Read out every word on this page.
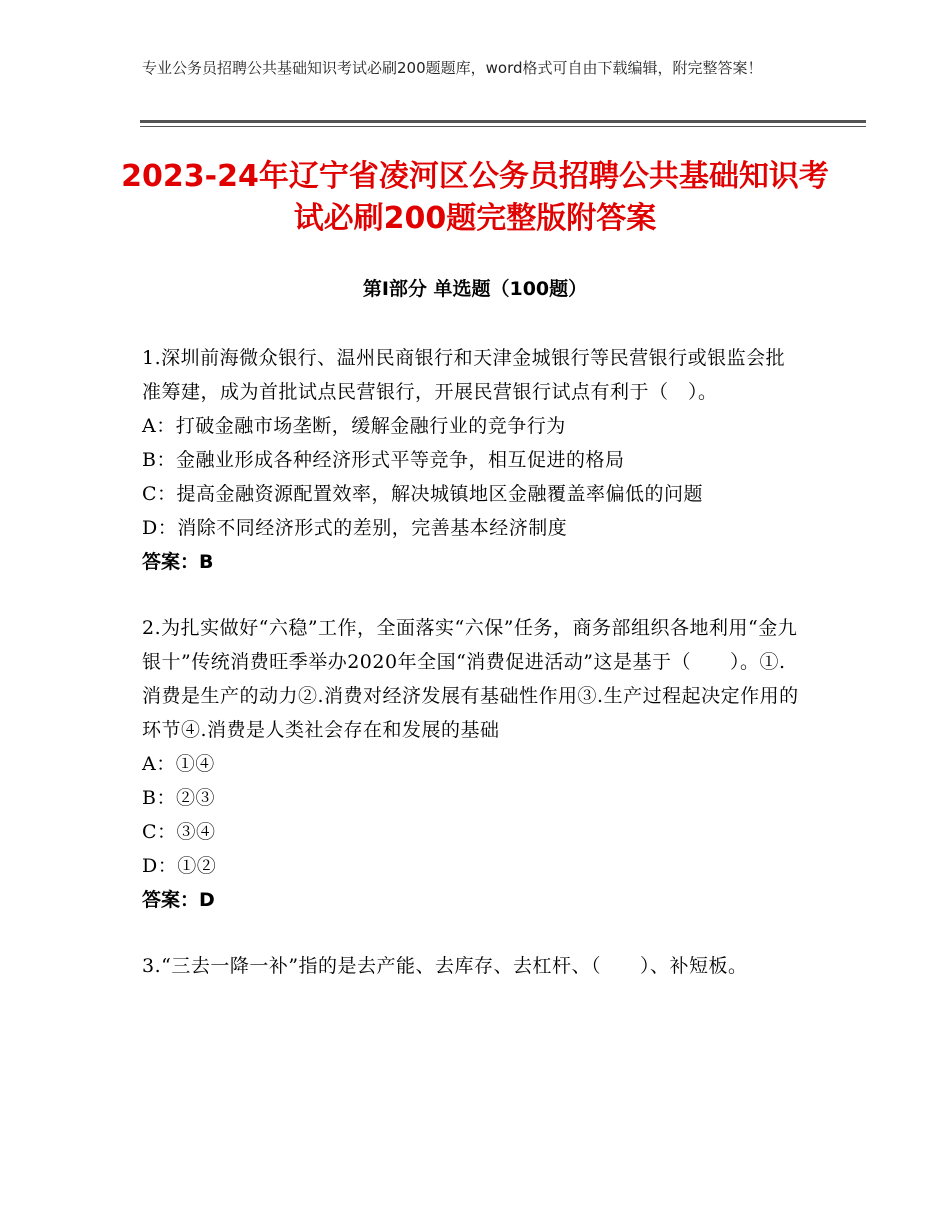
专业公务员招聘公共基础知识考试必刷200题题库，word格式可自由下载编辑，附完整答案！
2023-24年辽宁省凌河区公务员招聘公共基础知识考试必刷200题完整版附答案
第Ⅰ部分 单选题（100题）
1.深圳前海微众银行、温州民商银行和天津金城银行等民营银行或银监会批准筹建，成为首批试点民营银行，开展民营银行试点有利于（　）。
A：打破金融市场垄断，缓解金融行业的竞争行为
B：金融业形成各种经济形式平等竞争，相互促进的格局
C：提高金融资源配置效率，解决城镇地区金融覆盖率偏低的问题
D：消除不同经济形式的差别，完善基本经济制度
答案：B
2.为扎实做好“六稳”工作，全面落实“六保”任务，商务部组织各地利用“金九银十”传统消费旺季举办2020年全国“消费促进活动”这是基于（　　）。①.消费是生产的动力②.消费对经济发展有基础性作用③.生产过程起决定作用的环节④.消费是人类社会存在和发展的基础
A：①④
B：②③
C：③④
D：①②
答案：D
3.“三去一降一补”指的是去产能、去库存、去杠杆、（　　）、补短板。
